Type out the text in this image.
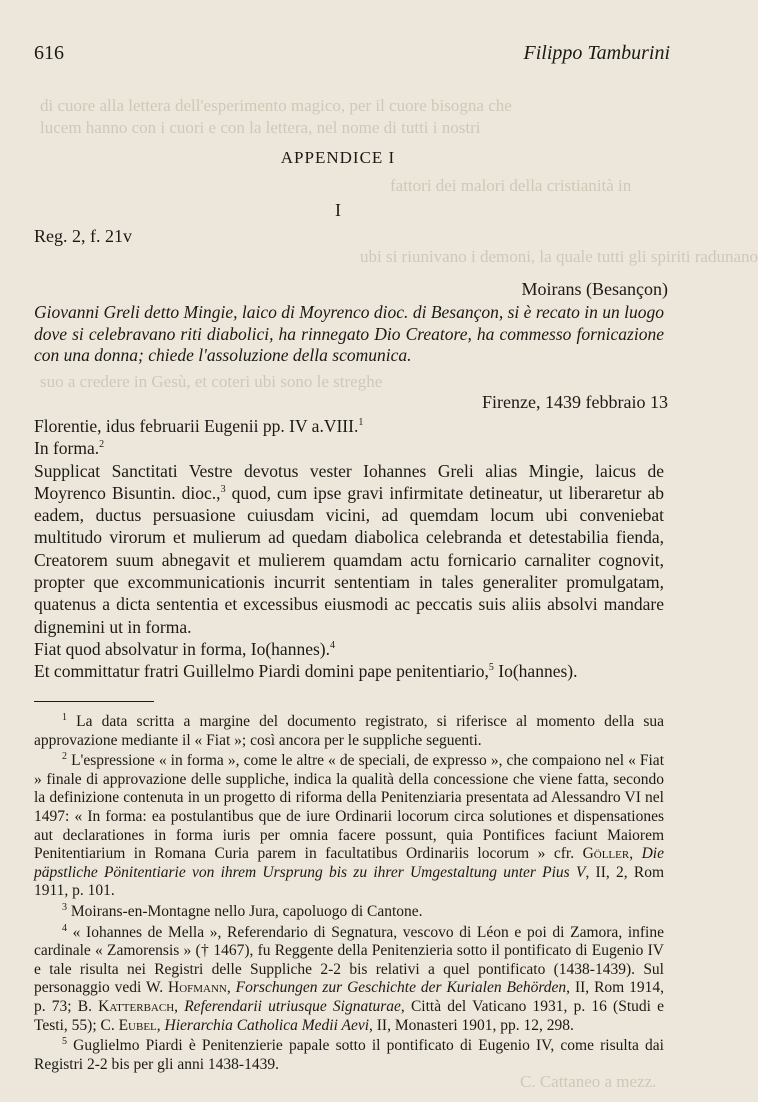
di cuore alla lettera dell'esperimento magico, per il cuore bisogna che
lucem hanno con i cuori e con la lettera, nel nome di tutti i nostri
fattori dei malori della cristianità in
ubi si riunivano i demoni, la quale tutti gli spiriti radunano
suo a credere in Gesù, et coteri ubi sono le streghe
C. Cattaneo a mezz.
616	Filippo Tamburini
APPENDICE I
I
Reg. 2, f. 21v
Moirans (Besançon)
Giovanni Greli detto Mingie, laico di Moyrenco dioc. di Besançon, si è recato in un luogo dove si celebravano riti diabolici, ha rinnegato Dio Creatore, ha commesso fornicazione con una donna; chiede l'assoluzione della scomunica.
Firenze, 1439 febbraio 13

Florentie, idus februarii Eugenii pp. IV a.VIII.$^1$

In forma.$^2$

Supplicat Sanctitati Vestre devotus vester Iohannes Greli alias Mingie, laicus de Moyrenco Bisuntin. dioc.,$^3$ quod, cum ipse gravi infirmitate detineatur, ut liberaretur ab eadem, ductus persuasione cuiusdam vicini, ad quemdam locum ubi conveniebat multitudo virorum et mulierum ad quedam diabolica celebranda et detestabilia fienda, Creatorem suum abnegavit et mulierem quamdam actu fornicario carnaliter cognovit, propter que excommunicationis incurrit sententiam in tales generaliter promulgatam, quatenus a dicta sententia et excessibus eiusmodi ac peccatis suis aliis absolvi mandare dignemini ut in forma.

Fiat quod absolvatur in forma, Io(hannes).$^4$

Et committatur fratri Guillelmo Piardi domini pape penitentiario,$^5$ Io(hannes).

$^1$ La data scritta a margine del documento registrato, si riferisce al momento della sua approvazione mediante il « Fiat »; così ancora per le suppliche seguenti.

$^2$ L'espressione « in forma », come le altre « de speciali, de expresso », che compaiono nel « Fiat » finale di approvazione delle suppliche, indica la qualità della concessione che viene fatta, secondo la definizione contenuta in un progetto di riforma della Penitenziaria presentata ad Alessandro VI nel 1497: « In forma: ea postulantibus que de iure Ordinarii locorum circa solutiones et dispensationes aut declarationes in forma iuris per omnia facere possunt, quia Pontifices faciunt Maiorem Penitentiarium in Romana Curia parem in facultatibus Ordinariis locorum » cfr. Göller, Die päpstliche Pönitentiarie von ihrem Ursprung bis zu ihrer Umgestaltung unter Pius V, II, 2, Rom 1911, p. 101.

$^3$ Moirans-en-Montagne nello Jura, capoluogo di Cantone.

$^4$ « Iohannes de Mella », Referendario di Segnatura, vescovo di Léon e poi di Zamora, infine cardinale « Zamorensis » († 1467), fu Reggente della Penitenzieria sotto il pontificato di Eugenio IV e tale risulta nei Registri delle Suppliche 2-2 bis relativi a quel pontificato (1438-1439). Sul personaggio vedi W. Hofmann, Forschungen zur Geschichte der Kurialen Behörden, II, Rom 1914, p. 73; B. Katterbach, Referendarii utriusque Signaturae, Città del Vaticano 1931, p. 16 (Studi e Testi, 55); C. Eubel, Hierarchia Catholica Medii Aevi, II, Monasteri 1901, pp. 12, 298.

$^5$ Guglielmo Piardi è Penitenzierie papale sotto il pontificato di Eugenio IV, come risulta dai Registri 2-2 bis per gli anni 1438-1439.
